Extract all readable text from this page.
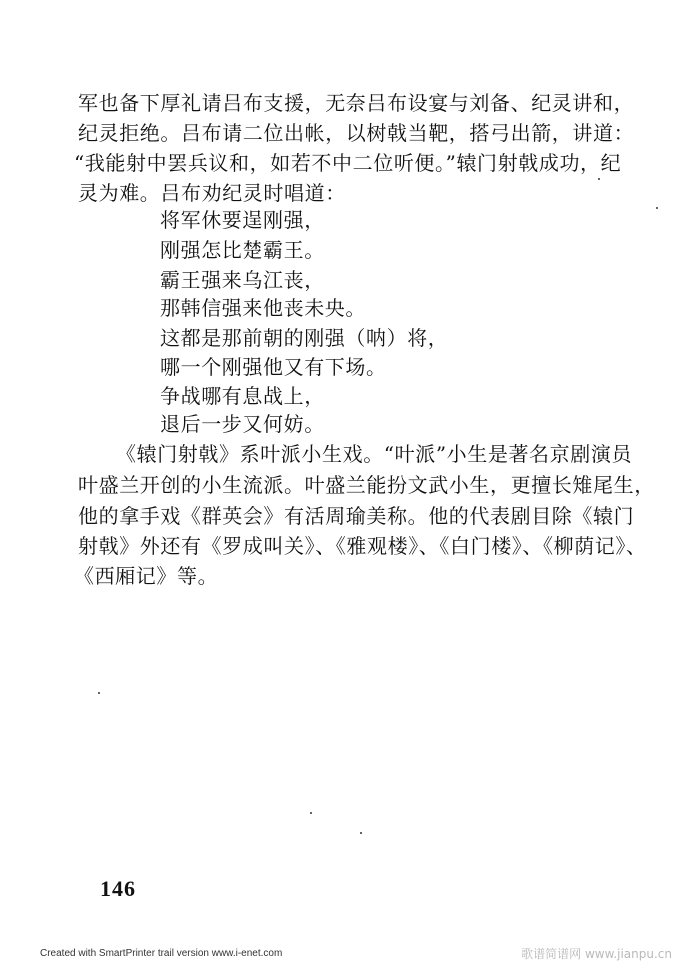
军也备下厚礼请吕布支援，无奈吕布设宴与刘备、纪灵讲和，
纪灵拒绝。吕布请二位出帐，以树戟当靶，搭弓出箭，讲道：
“我能射中罢兵议和，如若不中二位听便。”辕门射戟成功，纪
灵为难。吕布劝纪灵时唱道：
将军休要逞刚强，
刚强怎比楚霸王。
霸王强来乌江丧，
那韩信强来他丧未央。
这都是那前朝的刚强（呐）将，
哪一个刚强他又有下场。
争战哪有息战上，
退后一步又何妨。
《辕门射戟》系叶派小生戏。“叶派”小生是著名京剧演员
叶盛兰开创的小生流派。叶盛兰能扮文武小生，更擅长雉尾生，
他的拿手戏《群英会》有活周瑜美称。他的代表剧目除《辕门
射戟》外还有《罗成叫关》、《雅观楼》、《白门楼》、《柳荫记》、
《西厢记》等。
146
Created with SmartPrinter trail version www.i-enet.com	歌谱简谱网 www.jianpu.cn
